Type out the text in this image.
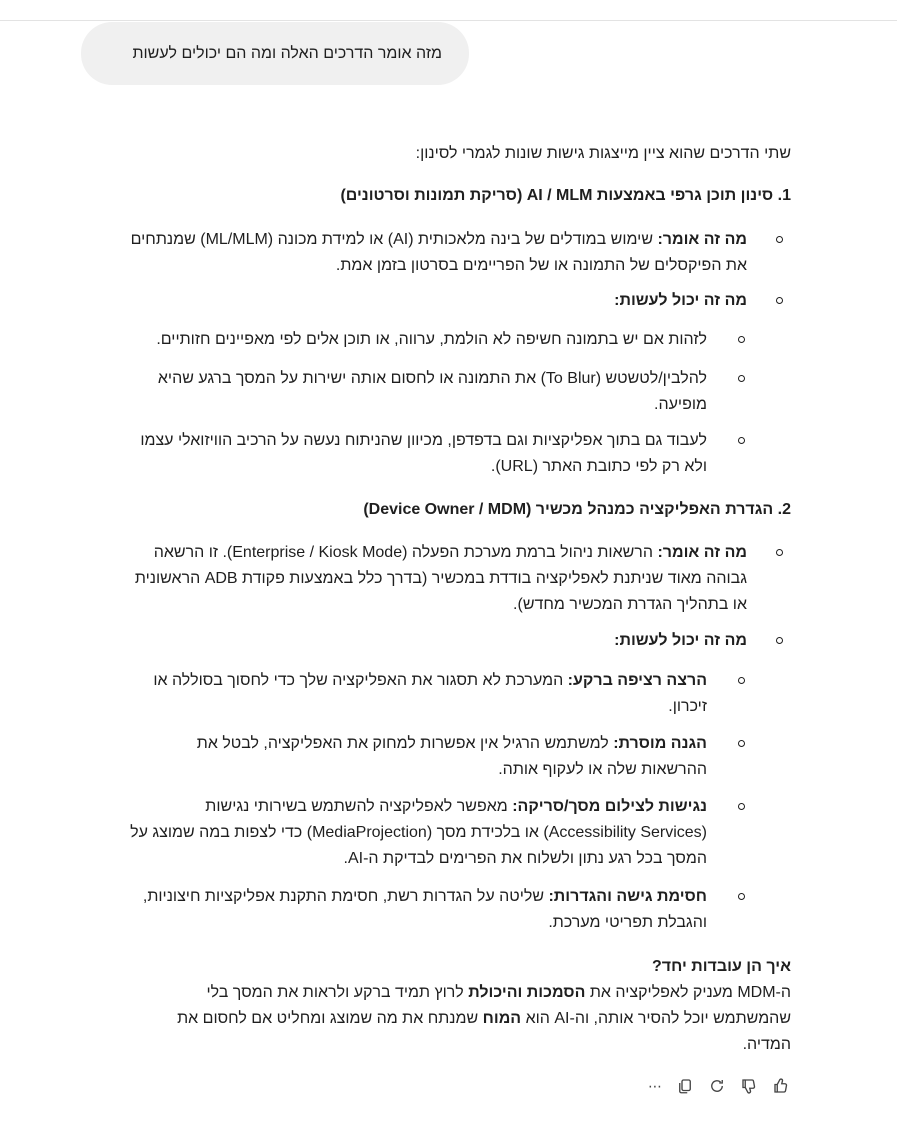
מזה אומר הדרכים האלה ומה הם יכולים לעשות
שתי הדרכים שהוא ציין מייצגות גישות שונות לגמרי לסינון:
1. סינון תוכן גרפי באמצעות AI / MLM (סריקת תמונות וסרטונים)
מה זה אומר: שימוש במודלים של בינה מלאכותית (AI) או למידת מכונה (ML/MLM) שמנתחים
את הפיקסלים של התמונה או של הפריימים בסרטון בזמן אמת.
מה זה יכול לעשות:
לזהות אם יש בתמונה חשיפה לא הולמת, ערווה, או תוכן אלים לפי מאפיינים חזותיים.
להלבין/לטשטש (To Blur) את התמונה או לחסום אותה ישירות על המסך ברגע שהיא
מופיעה.
לעבוד גם בתוך אפליקציות וגם בדפדפן, מכיוון שהניתוח נעשה על הרכיב הוויזואלי עצמו
ולא רק לפי כתובת האתר (URL).
2. הגדרת האפליקציה כמנהל מכשיר (Device Owner / MDM)
מה זה אומר: הרשאות ניהול ברמת מערכת הפעלה (Enterprise / Kiosk Mode). זו הרשאה
גבוהה מאוד שניתנת לאפליקציה בודדת במכשיר (בדרך כלל באמצעות פקודת ADB הראשונית
או בתהליך הגדרת המכשיר מחדש).
מה זה יכול לעשות:
הרצה רציפה ברקע: המערכת לא תסגור את האפליקציה שלך כדי לחסוך בסוללה או
זיכרון.
הגנה מוסרת: למשתמש הרגיל אין אפשרות למחוק את האפליקציה, לבטל את
ההרשאות שלה או לעקוף אותה.
נגישות לצילום מסך/סריקה: מאפשר לאפליקציה להשתמש בשירותי נגישות
(Accessibility Services) או בלכידת מסך (MediaProjection) כדי לצפות במה שמוצג על
המסך בכל רגע נתון ולשלוח את הפרימים לבדיקת ה-AI.
חסימת גישה והגדרות: שליטה על הגדרות רשת, חסימת התקנת אפליקציות חיצוניות,
והגבלת תפריטי מערכת.
איך הן עובדות יחד?
ה-MDM מעניק לאפליקציה את הסמכות והיכולת לרוץ תמיד ברקע ולראות את המסך בלי
שהמשתמש יוכל להסיר אותה, וה-AI הוא המוח שמנתח את מה שמוצג ומחליט אם לחסום את
המדיה.
⋯
